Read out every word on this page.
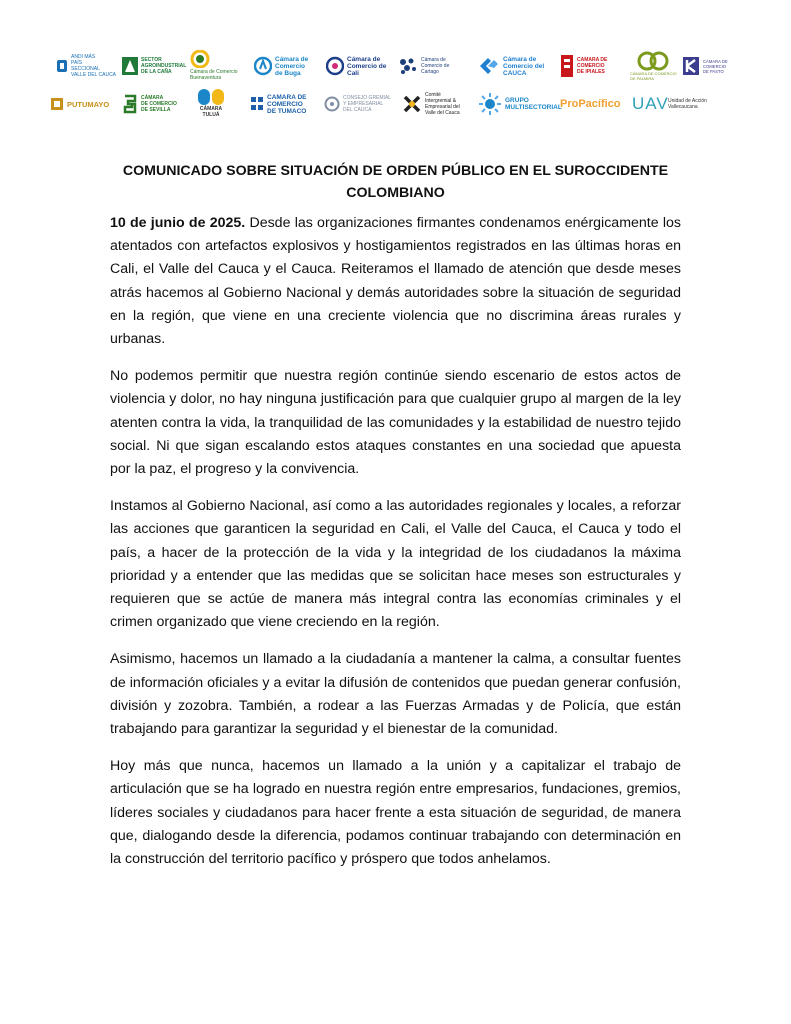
ANDI MÁS
PAÍS
SECCIONAL
VALLE DEL CAUCA
SECTOR
AGROINDUSTRIAL
DE LA CAÑA	Cámara de Comercio
Buenaventura
Cámara de
Comercio
de Buga
Cámara de
Comercio de
Cali
Cámara de
Comercio de
Cartago
Cámara de
Comercio del
CAUCA
CAMARA DE
COMERCIO
DE IPIALES	CÁMARA DE COMERCIO
DE PALMIRA
CÁMARA DE
COMERCIO
DE PASTO
PUTUMAYO
CÁMARA
DE COMERCIO
DE SEVILLA	CÁMARA
TULUÁ
CAMARA DE
COMERCIO
DE TUMACO
CONSEJO GREMIAL
Y EMPRESARIAL
DEL CAUCA
Comité
Intergremial &
Empresarial del
Valle del Cauca
GRUPO
MULTISECTORIAL
ProPacífico UAV Unidad de Acción
Vallecaucana
COMUNICADO SOBRE SITUACIÓN DE ORDEN PÚBLICO EN EL SUROCCIDENTE COLOMBIANO

10 de junio de 2025. Desde las organizaciones firmantes condenamos enérgicamente los atentados con artefactos explosivos y hostigamientos registrados en las últimas horas en Cali, el Valle del Cauca y el Cauca. Reiteramos el llamado de atención que desde meses atrás hacemos al Gobierno Nacional y demás autoridades sobre la situación de seguridad en la región, que viene en una creciente violencia que no discrimina áreas rurales y urbanas.

No podemos permitir que nuestra región continúe siendo escenario de estos actos de violencia y dolor, no hay ninguna justificación para que cualquier grupo al margen de la ley atenten contra la vida, la tranquilidad de las comunidades y la estabilidad de nuestro tejido social. Ni que sigan escalando estos ataques constantes en una sociedad que apuesta por la paz, el progreso y la convivencia.

Instamos al Gobierno Nacional, así como a las autoridades regionales y locales, a reforzar las acciones que garanticen la seguridad en Cali, el Valle del Cauca, el Cauca y todo el país, a hacer de la protección de la vida y la integridad de los ciudadanos la máxima prioridad y a entender que las medidas que se solicitan hace meses son estructurales y requieren que se actúe de manera más integral contra las economías criminales y el crimen organizado que viene creciendo en la región.

Asimismo, hacemos un llamado a la ciudadanía a mantener la calma, a consultar fuentes de información oficiales y a evitar la difusión de contenidos que puedan generar confusión, división y zozobra. También, a rodear a las Fuerzas Armadas y de Policía, que están trabajando para garantizar la seguridad y el bienestar de la comunidad.

Hoy más que nunca, hacemos un llamado a la unión y a capitalizar el trabajo de articulación que se ha logrado en nuestra región entre empresarios, fundaciones, gremios, líderes sociales y ciudadanos para hacer frente a esta situación de seguridad, de manera que, dialogando desde la diferencia, podamos continuar trabajando con determinación en la construcción del territorio pacífico y próspero que todos anhelamos.
